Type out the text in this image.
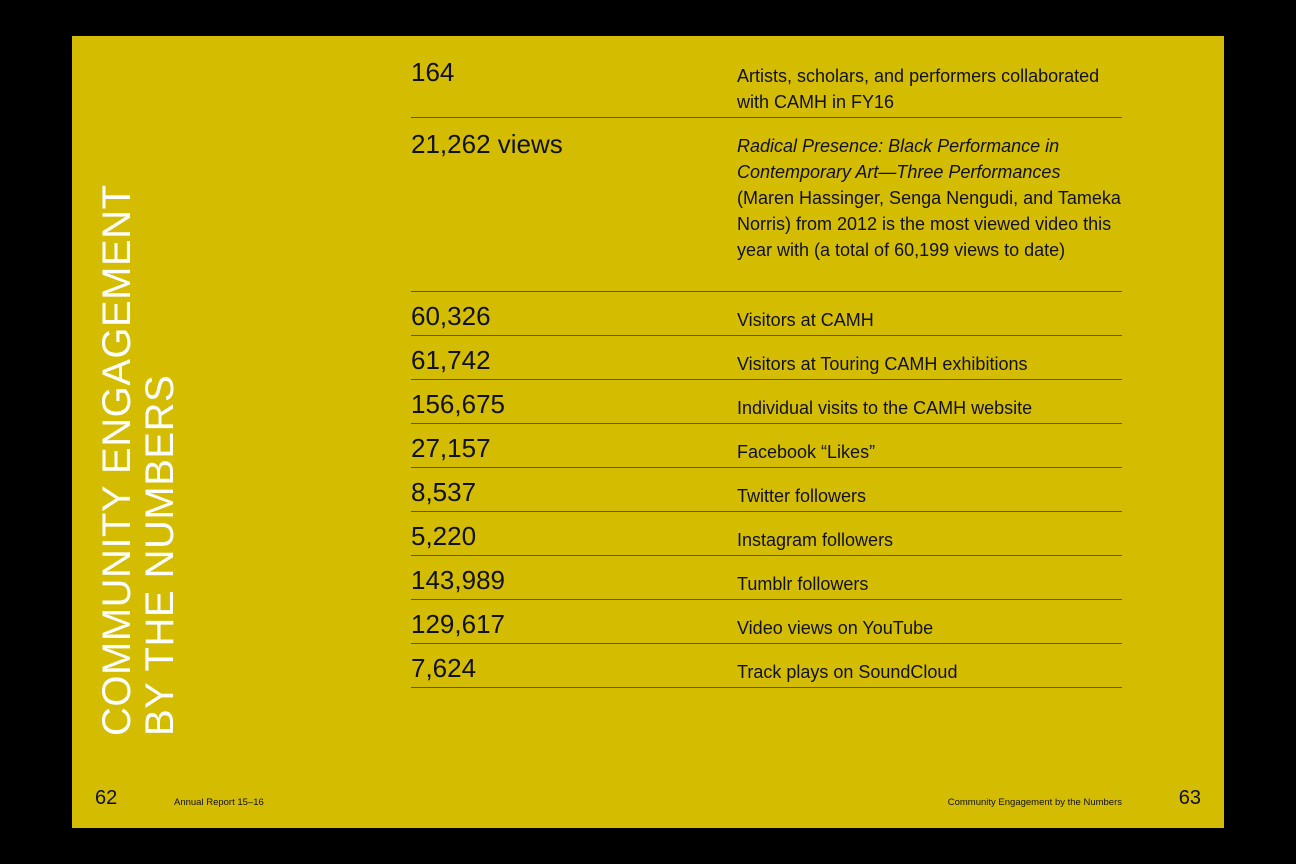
COMMUNITY ENGAGEMENT BY THE NUMBERS
164	Artists, scholars, and performers collaborated with CAMH in FY16
21,262 views	Radical Presence: Black Performance in Contemporary Art—Three Performances (Maren Hassinger, Senga Nengudi, and Tameka Norris) from 2012 is the most viewed video this year with (a total of 60,199 views to date)
60,326	Visitors at CAMH
61,742	Visitors at Touring CAMH exhibitions
156,675	Individual visits to the CAMH website
27,157	Facebook “Likes”
8,537	Twitter followers
5,220	Instagram followers
143,989	Tumblr followers
129,617	Video views on YouTube
7,624	Track plays on SoundCloud
62	Annual Report 15–16	Community Engagement by the Numbers	63
